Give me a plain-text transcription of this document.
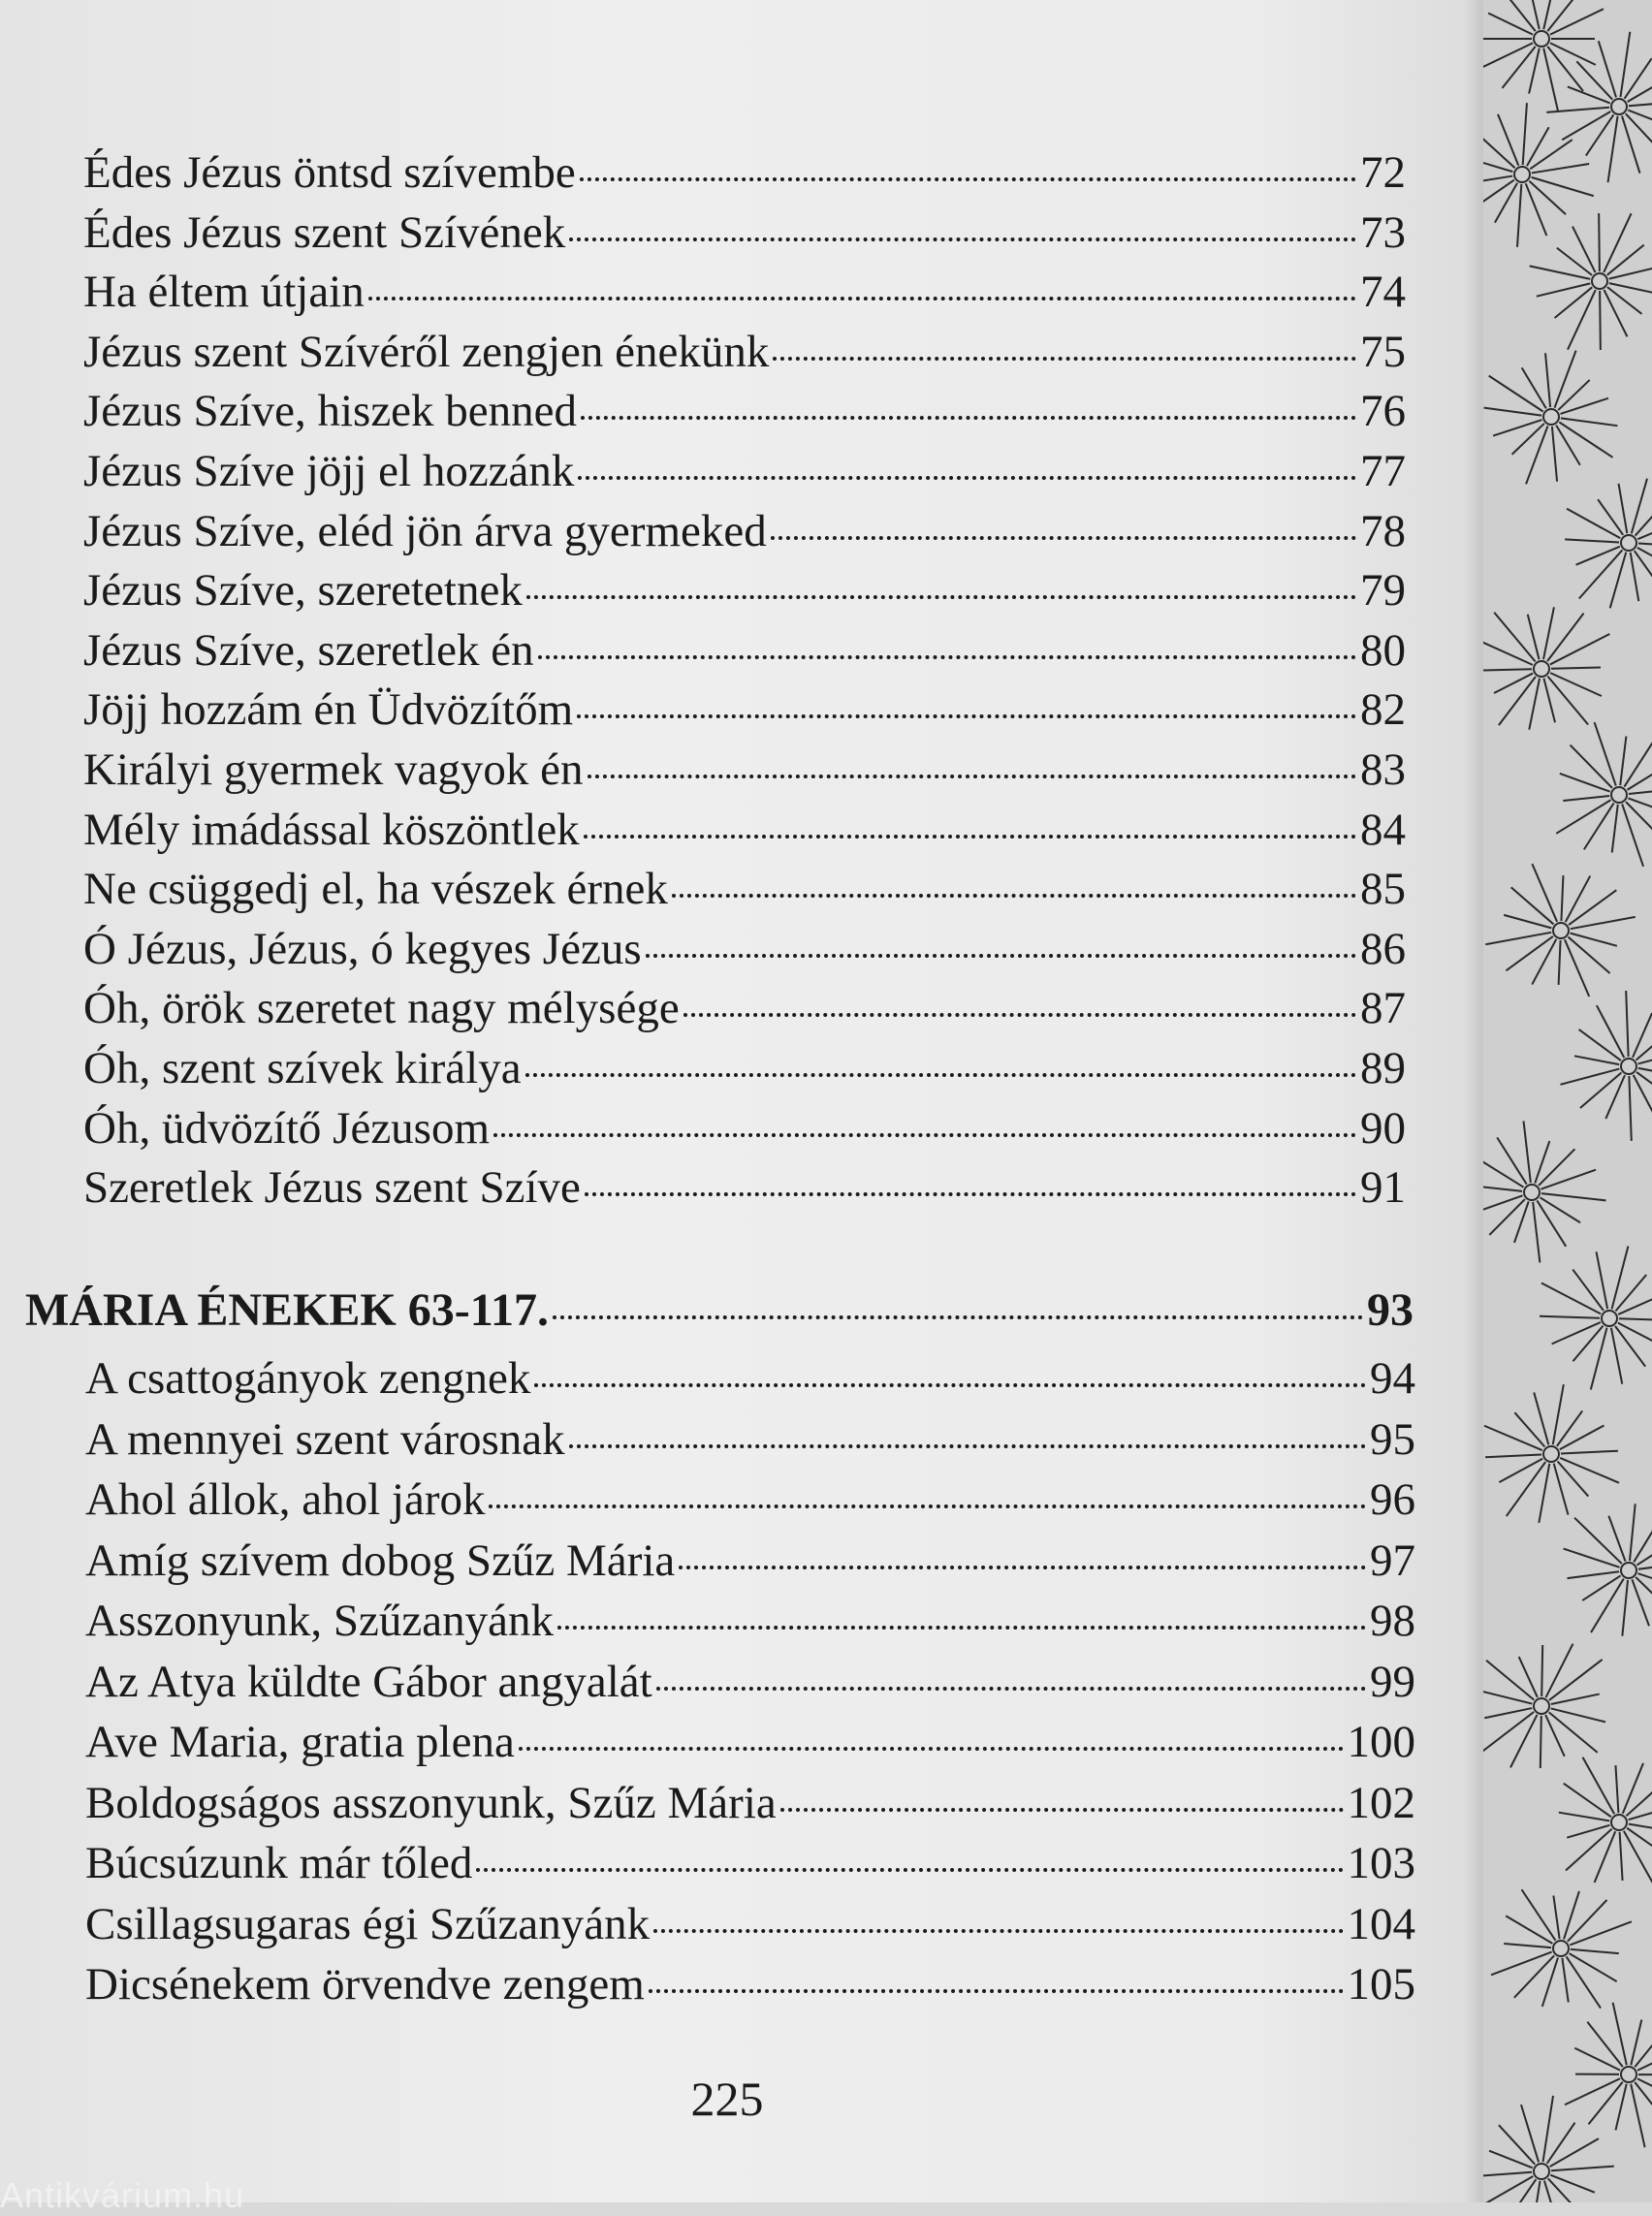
Édes Jézus öntsd szívembe	72
Édes Jézus szent Szívének	73
Ha éltem útjain	74
Jézus szent Szívéről zengjen énekünk	75
Jézus Szíve, hiszek benned	76
Jézus Szíve jöjj el hozzánk	77
Jézus Szíve, eléd jön árva gyermeked	78
Jézus Szíve, szeretetnek	79
Jézus Szíve, szeretlek én	80
Jöjj hozzám én Üdvözítőm	82
Királyi gyermek vagyok én	83
Mély imádással köszöntlek	84
Ne csüggedj el, ha vészek érnek	85
Ó Jézus, Jézus, ó kegyes Jézus	86
Óh, örök szeretet nagy mélysége	87
Óh, szent szívek királya	89
Óh, üdvözítő Jézusom	90
Szeretlek Jézus szent Szíve	91
MÁRIA ÉNEKEK 63-117.	93
A csattogányok zengnek	94
A mennyei szent városnak	95
Ahol állok, ahol járok	96
Amíg szívem dobog Szűz Mária	97
Asszonyunk, Szűzanyánk	98
Az Atya küldte Gábor angyalát	99
Ave Maria, gratia plena	100
Boldogságos asszonyunk, Szűz Mária	102
Búcsúzunk már tőled	103
Csillagsugaras égi Szűzanyánk	104
Dicsénekem örvendve zengem	105
225
Antikvárium.hu
